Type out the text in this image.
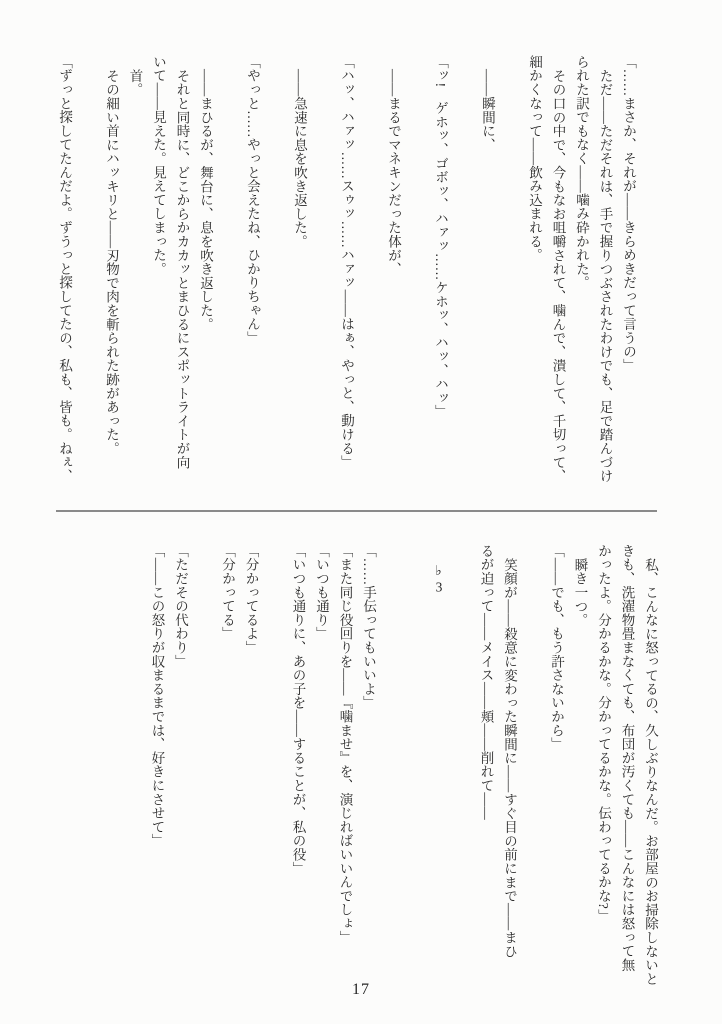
「……まさか、それが――きらめきだって言うの」
ただ――ただそれは、手で握りつぶされたわけでも、足で踏んづけ
られた訳でもなく――噛み砕かれた。
その口の中で、今もなお咀嚼されて、噛んで、潰して、千切って、
細かくなって――飲み込まれる。

――瞬間に、

「ッ!　ゲホッ、ゴボッ、ハァッ……ケホッ、ハッ、ハッ」

――まるでマネキンだった体が、

「ハッ、ハァッ……スゥッ……ハァッ――はぁ、やっと、動ける」

――急速に息を吹き返した。

「やっと……やっと会えたね、ひかりちゃん」

――まひるが、舞台に、息を吹き返した。
それと同時に、どこからかカカッとまひるにスポットライトが向
いて――見えた。見えてしまった。
首。
その細い首にハッキリと――刃物で肉を斬られた跡があった。

「ずっと探してたんだよ。ずうっと探してたの、私も、皆も。ねぇ、
私、こんなに怒ってるの、久しぶりなんだ。お部屋のお掃除しないと
きも、洗濯物畳まなくても、布団が汚くても――こんなには怒って無
かったよ。分かるかな。分かってるかな。伝わってるかな?」
瞬き一つ。
「――でも、もう許さないから」

笑顔が――殺意に変わった瞬間に――すぐ目の前にまで――まひ
るが迫って――メイス――頬――削れて――

♭3

「……手伝ってもいいよ」
「また同じ役回りを――『噛ませ』を、演じればいいんでしょ」
「いつも通り」
「いつも通りに、あの子を――することが、私の役」

「分かってるよ」
「分かってる」

「ただその代わり」
「――この怒りが収まるまでは、好きにさせて」
17
